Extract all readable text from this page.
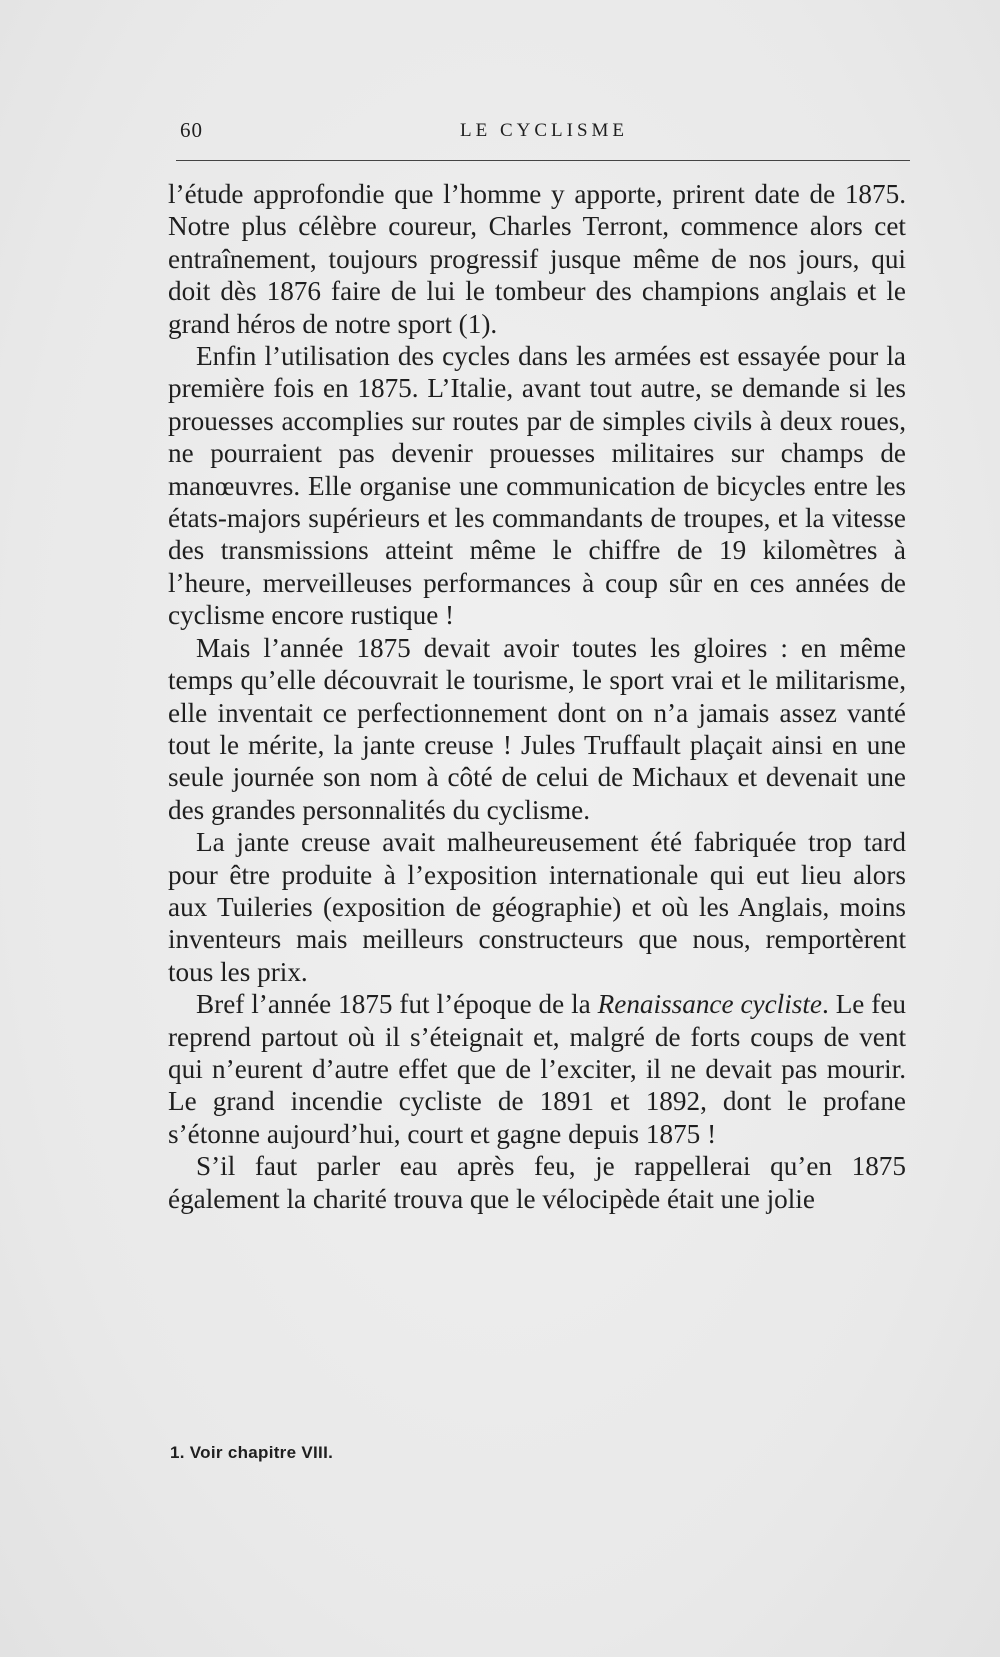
60	LE CYCLISME

l’étude approfondie que l’homme y apporte, prirent date de 1875. Notre plus célèbre coureur, Charles Terront, commence alors cet entraînement, toujours progressif jusque même de nos jours, qui doit dès 1876 faire de lui le tombeur des champions anglais et le grand héros de notre sport (1).

Enfin l’utilisation des cycles dans les armées est essayée pour la première fois en 1875. L’Italie, avant tout autre, se demande si les prouesses accomplies sur routes par de simples civils à deux roues, ne pourraient pas devenir prouesses militaires sur champs de manœuvres. Elle organise une communication de bicycles entre les états-majors supérieurs et les commandants de troupes, et la vitesse des transmissions atteint même le chiffre de 19 kilomètres à l’heure, merveilleuses performances à coup sûr en ces années de cyclisme encore rustique !

Mais l’année 1875 devait avoir toutes les gloires : en même temps qu’elle découvrait le tourisme, le sport vrai et le militarisme, elle inventait ce perfectionnement dont on n’a jamais assez vanté tout le mérite, la jante creuse ! Jules Truffault plaçait ainsi en une seule journée son nom à côté de celui de Michaux et devenait une des grandes personnalités du cyclisme.

La jante creuse avait malheureusement été fabriquée trop tard pour être produite à l’exposition internationale qui eut lieu alors aux Tuileries (exposition de géographie) et où les Anglais, moins inventeurs mais meilleurs constructeurs que nous, remportèrent tous les prix.

Bref l’année 1875 fut l’époque de la Renaissance cycliste. Le feu reprend partout où il s’éteignait et, malgré de forts coups de vent qui n’eurent d’autre effet que de l’exciter, il ne devait pas mourir. Le grand incendie cycliste de 1891 et 1892, dont le profane s’étonne aujourd’hui, court et gagne depuis 1875 !

S’il faut parler eau après feu, je rappellerai qu’en 1875 également la charité trouva que le vélocipède était une jolie

1. Voir chapitre VIII.
